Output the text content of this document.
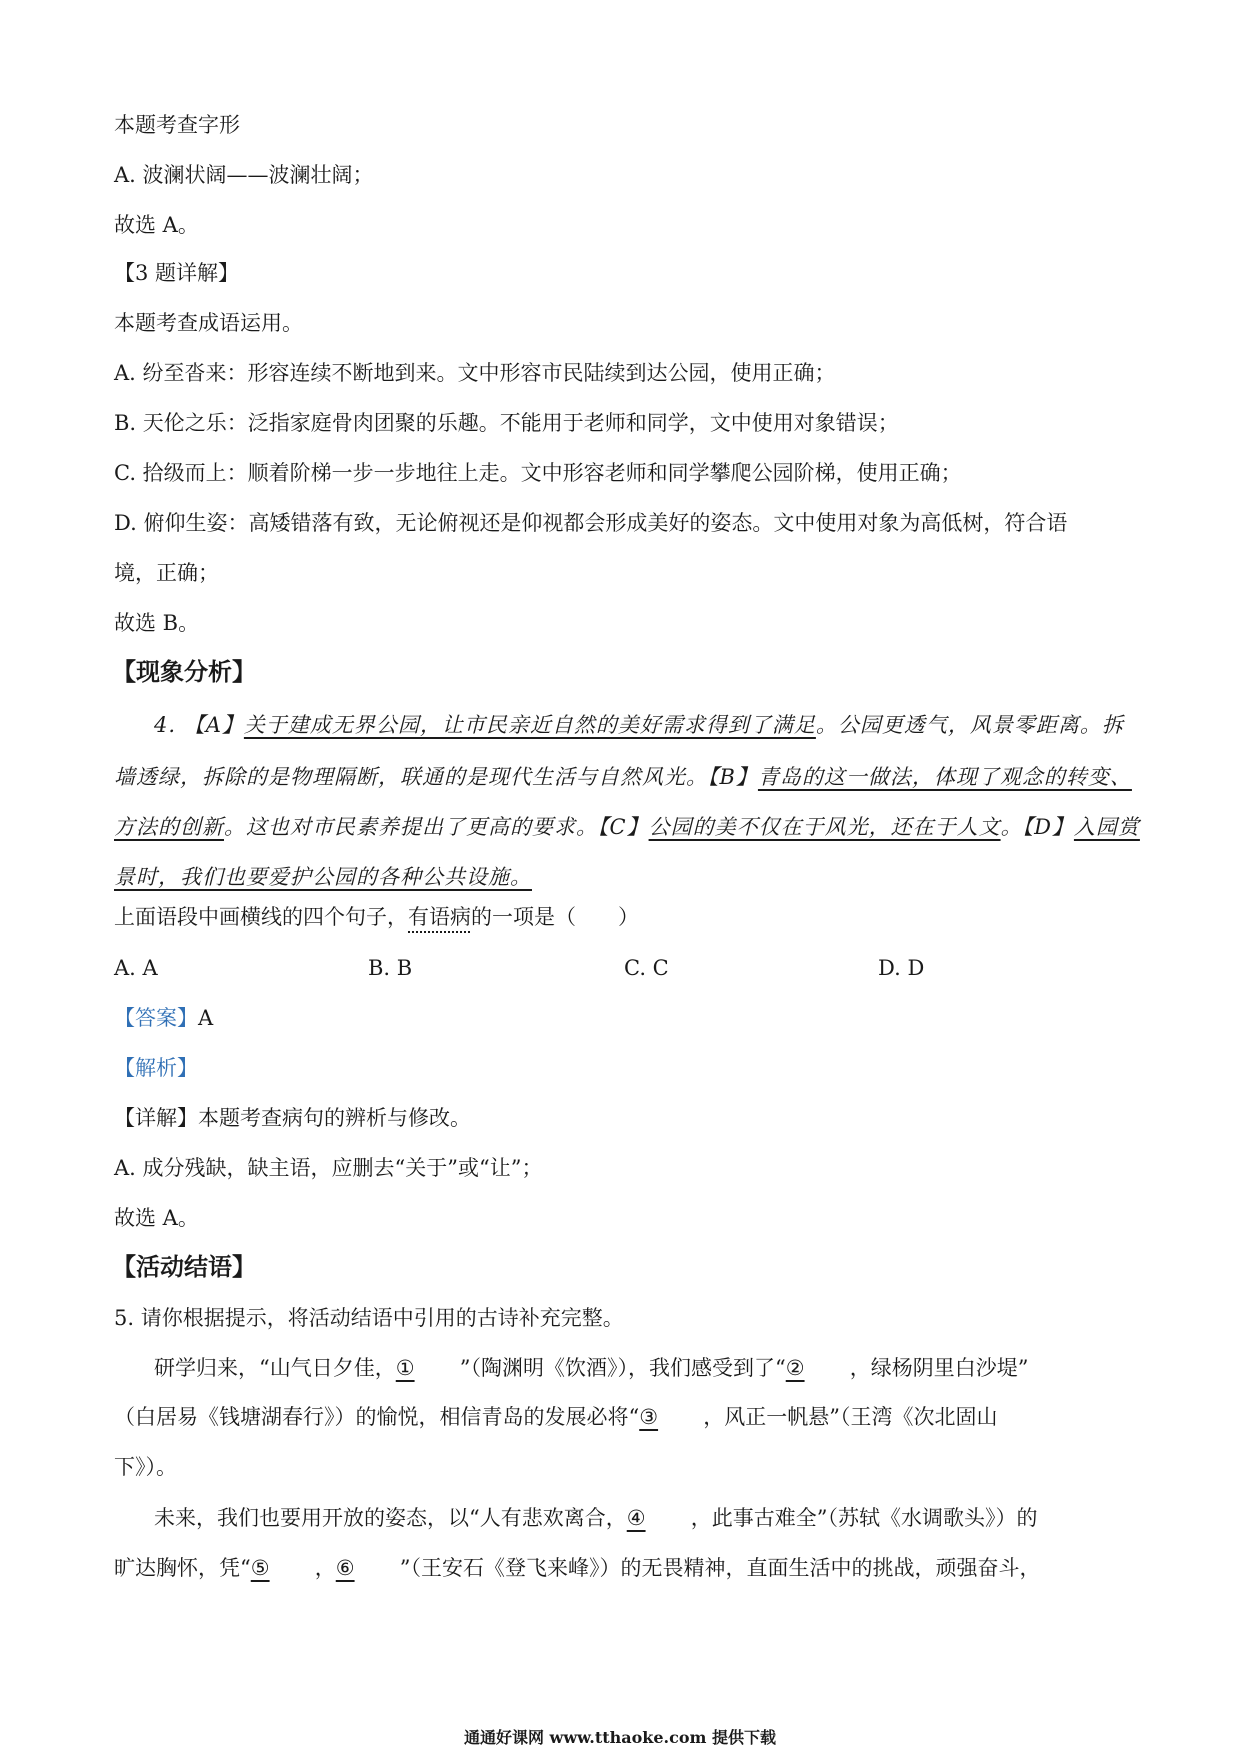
本题考查字形
A. 波澜状阔——波澜壮阔；
故选 A。
【3 题详解】
本题考查成语运用。
A. 纷至沓来：形容连续不断地到来。文中形容市民陆续到达公园，使用正确；
B. 天伦之乐：泛指家庭骨肉团聚的乐趣。不能用于老师和同学，文中使用对象错误；
C. 拾级而上：顺着阶梯一步一步地往上走。文中形容老师和同学攀爬公园阶梯，使用正确；
D. 俯仰生姿：高矮错落有致，无论俯视还是仰视都会形成美好的姿态。文中使用对象为高低树，符合语
境，正确；
故选 B。
【现象分析】
4. 【A】关于建成无界公园，让市民亲近自然的美好需求得到了满足。公园更透气，风景零距离。拆
墙透绿，拆除的是物理隔断，联通的是现代生活与自然风光。【B】青岛的这一做法，体现了观念的转变、
方法的创新。这也对市民素养提出了更高的要求。【C】公园的美不仅在于风光，还在于人文。【D】入园赏
景时，我们也要爱护公园的各种公共设施。
上面语段中画横线的四个句子，有语病的一项是（　　）
A. A	B. B	C. C	D. D
【答案】A
【解析】
【详解】本题考查病句的辨析与修改。
A. 成分残缺，缺主语，应删去“关于”或“让”；
故选 A。
【活动结语】
5. 请你根据提示，将活动结语中引用的古诗补充完整。
研学归来，“山气日夕佳，① ”（陶渊明《饮酒》），我们感受到了“② ，绿杨阴里白沙堤”
（白居易《钱塘湖春行》）的愉悦，相信青岛的发展必将“③ ，风正一帆悬”（王湾《次北固山
下》）。
未来，我们也要用开放的姿态，以“人有悲欢离合，④ ，此事古难全”（苏轼《水调歌头》）的
旷达胸怀，凭“⑤ ，⑥ ”（王安石《登飞来峰》）的无畏精神，直面生活中的挑战，顽强奋斗，
通通好课网 www.tthaoke.com 提供下载
